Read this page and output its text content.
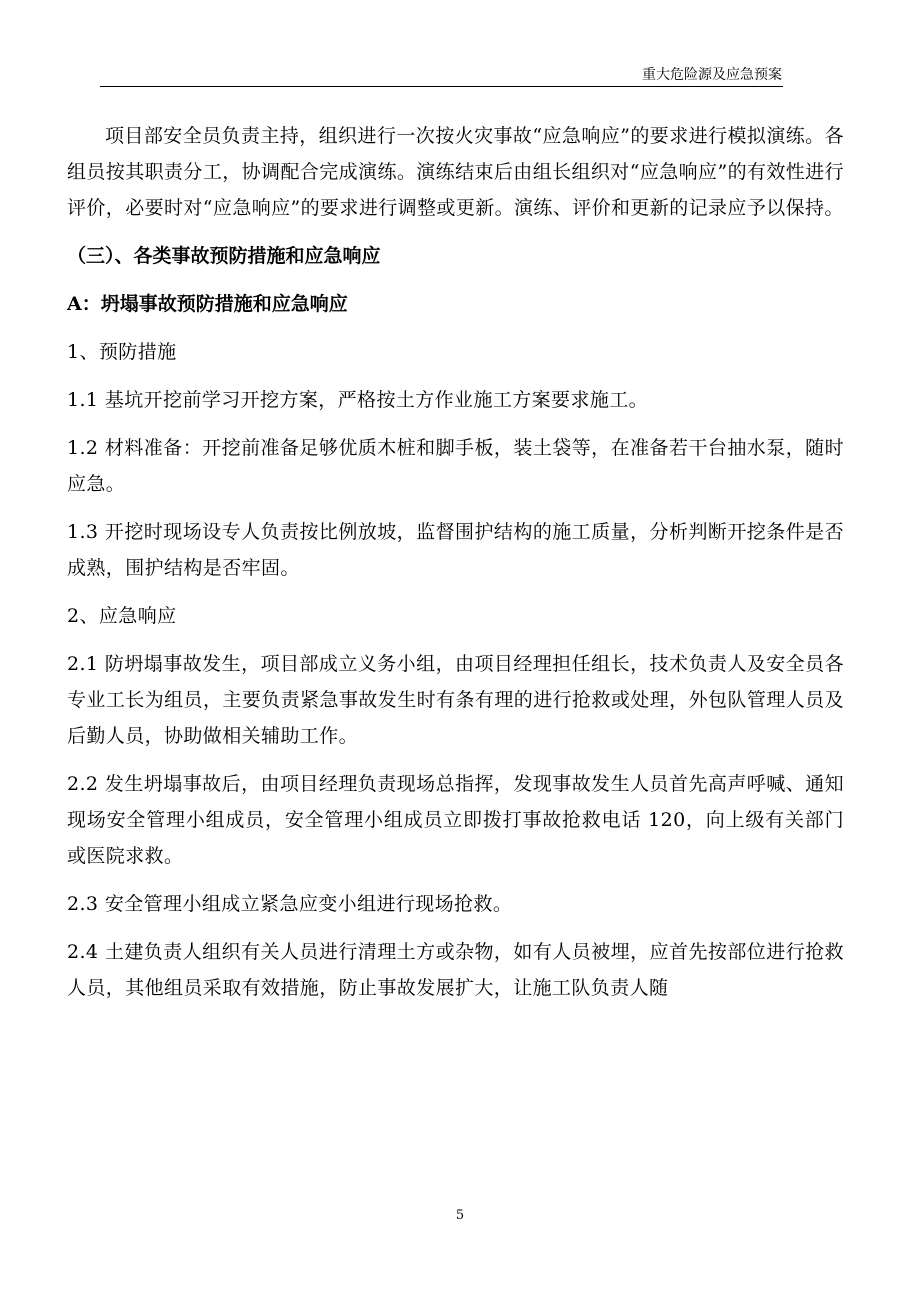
重大危险源及应急预案

项目部安全员负责主持，组织进行一次按火灾事故“应急响应”的要求进行模拟演练。各组员按其职责分工，协调配合完成演练。演练结束后由组长组织对“应急响应”的有效性进行评价，必要时对“应急响应”的要求进行调整或更新。演练、评价和更新的记录应予以保持。

（三）、各类事故预防措施和应急响应

A：坍塌事故预防措施和应急响应

1、预防措施

1.1 基坑开挖前学习开挖方案，严格按土方作业施工方案要求施工。

1.2 材料准备：开挖前准备足够优质木桩和脚手板，装土袋等，在准备若干台抽水泵，随时应急。

1.3 开挖时现场设专人负责按比例放坡，监督围护结构的施工质量，分析判断开挖条件是否成熟，围护结构是否牢固。

2、应急响应

2.1 防坍塌事故发生，项目部成立义务小组，由项目经理担任组长，技术负责人及安全员各专业工长为组员，主要负责紧急事故发生时有条有理的进行抢救或处理，外包队管理人员及后勤人员，协助做相关辅助工作。

2.2 发生坍塌事故后，由项目经理负责现场总指挥，发现事故发生人员首先高声呼喊、通知现场安全管理小组成员，安全管理小组成员立即拨打事故抢救电话 120，向上级有关部门或医院求救。

2.3 安全管理小组成立紧急应变小组进行现场抢救。

2.4 土建负责人组织有关人员进行清理土方或杂物，如有人员被埋，应首先按部位进行抢救人员，其他组员采取有效措施，防止事故发展扩大，让施工队负责人随

5
